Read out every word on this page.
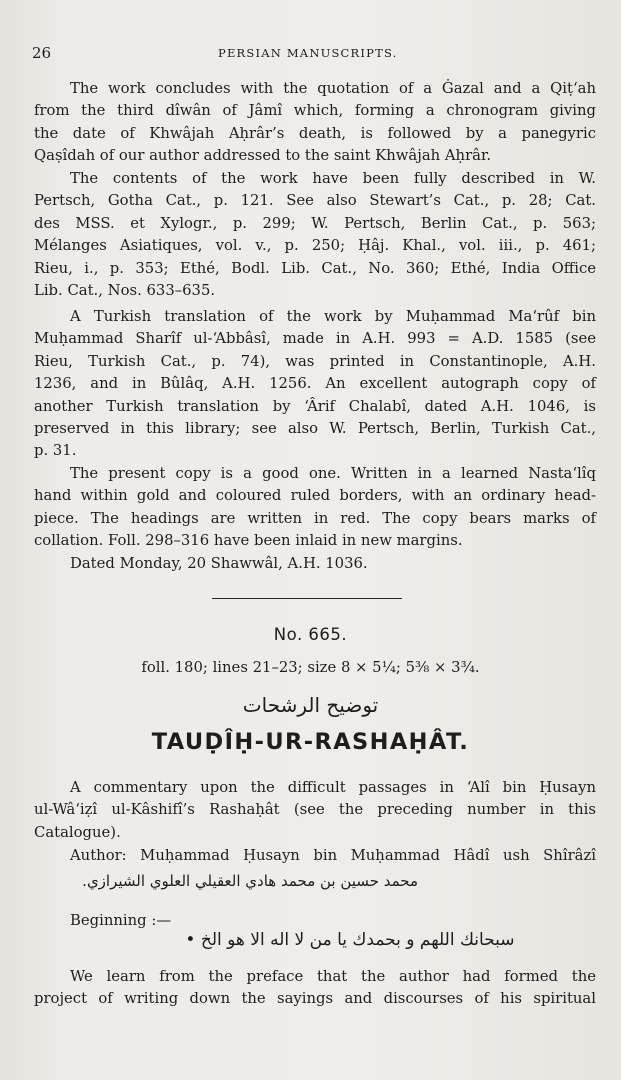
26	PERSIAN MANUSCRIPTS.

The work concludes with the quotation of a Ġazal and a Qiṭ‘ah
from the third dîwân of Jâmî which, forming a chronogram giving
the date of Khwâjah Aḥrâr’s death, is followed by a panegyric
Qaṣîdah of our author addressed to the saint Khwâjah Aḥrâr.

The contents of the work have been fully described in W.
Pertsch, Gotha Cat., p. 121. See also Stewart’s Cat., p. 28; Cat.
des MSS. et Xylogr., p. 299; W. Pertsch, Berlin Cat., p. 563;
Mélanges Asiatiques, vol. v., p. 250; Ḥâj. Khal., vol. iii., p. 461;
Rieu, i., p. 353; Ethé, Bodl. Lib. Cat., No. 360; Ethé, India Office
Lib. Cat., Nos. 633–635.

A Turkish translation of the work by Muḥammad Ma‘rûf bin
Muḥammad Sharîf ul-‘Abbâsî, made in A.H. 993 = A.D. 1585 (see
Rieu, Turkish Cat., p. 74), was printed in Constantinople, A.H.
1236, and in Bûlâq, A.H. 1256. An excellent autograph copy of
another Turkish translation by ‘Ârif Chalabî, dated A.H. 1046, is
preserved in this library; see also W. Pertsch, Berlin, Turkish Cat.,
p. 31.

The present copy is a good one. Written in a learned Nasta‘lîq
hand within gold and coloured ruled borders, with an ordinary head-
piece. The headings are written in red. The copy bears marks of
collation. Foll. 298–316 have been inlaid in new margins.

Dated Monday, 20 Shawwâl, A.H. 1036.

No. 665.
foll. 180; lines 21–23; size 8 × 5¼; 5⅜ × 3¾.
توضيح الرشحات
TAUḌÎḤ-UR-RASHAḤÂT.

A commentary upon the difficult passages in ‘Alî bin Ḥusayn
ul-Wâ‘iẓî ul-Kâshifî’s Rashaḥât (see the preceding number in this
Catalogue).

Author: Muḥammad Ḥusayn bin Muḥammad Hâdî ush Shîrâzî

محمد حسين بن محمد هادي العقيلي العلوي الشيرازي.

Beginning :—

سبحانك اللهم و بحمدك يا من لا اله الا هو الخ •

We learn from the preface that the author had formed the
project of writing down the sayings and discourses of his spiritual
